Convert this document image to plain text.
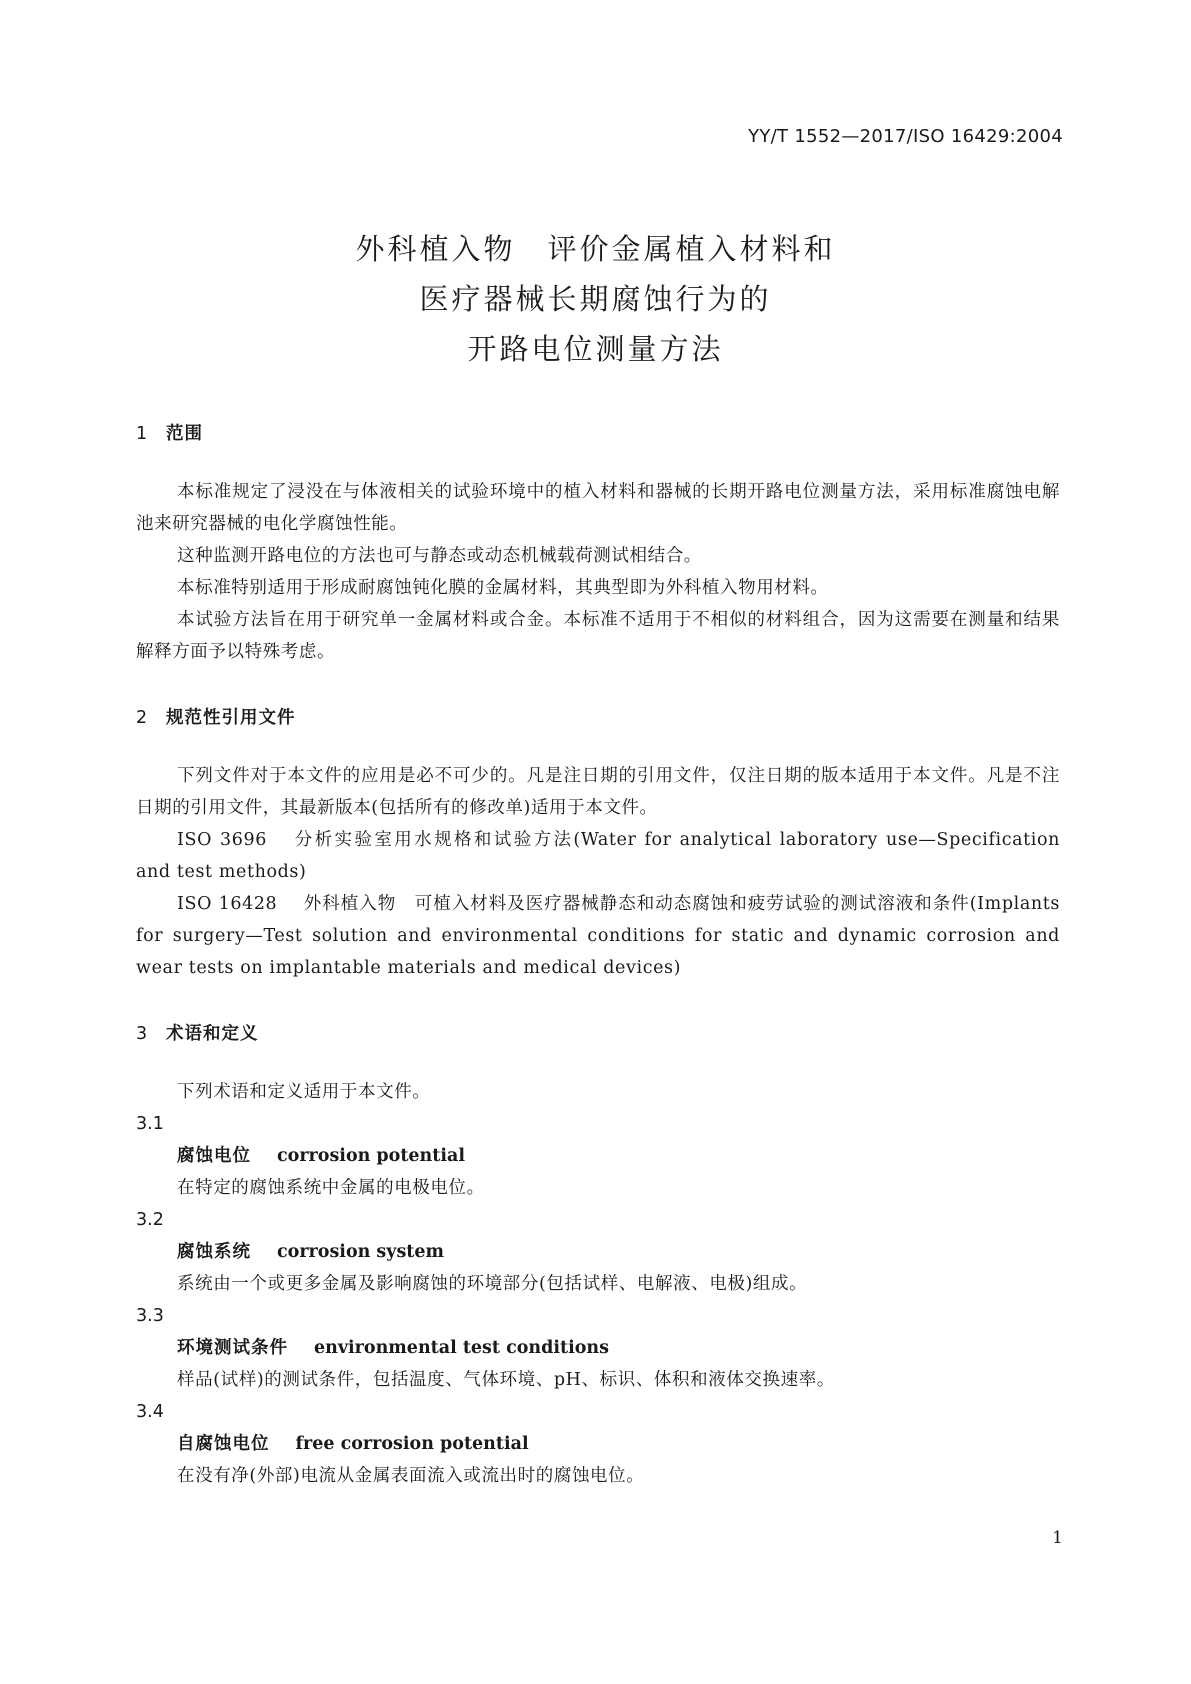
YY/T 1552—2017/ISO 16429:2004
外科植入物　评价金属植入材料和
医疗器械长期腐蚀行为的
开路电位测量方法
1 范围

本标准规定了浸没在与体液相关的试验环境中的植入材料和器械的长期开路电位测量方法，采用标准腐蚀电解池来研究器械的电化学腐蚀性能。

这种监测开路电位的方法也可与静态或动态机械载荷测试相结合。

本标准特别适用于形成耐腐蚀钝化膜的金属材料，其典型即为外科植入物用材料。

本试验方法旨在用于研究单一金属材料或合金。本标准不适用于不相似的材料组合，因为这需要在测量和结果解释方面予以特殊考虑。

2 规范性引用文件

下列文件对于本文件的应用是必不可少的。凡是注日期的引用文件，仅注日期的版本适用于本文件。凡是不注日期的引用文件，其最新版本(包括所有的修改单)适用于本文件。

ISO 3696 分析实验室用水规格和试验方法(Water for analytical laboratory use—Specification and test methods)

ISO 16428 外科植入物　可植入材料及医疗器械静态和动态腐蚀和疲劳试验的测试溶液和条件(Implants for surgery—Test solution and environmental conditions for static and dynamic corrosion and wear tests on implantable materials and medical devices)

3 术语和定义

下列术语和定义适用于本文件。

3.1
腐蚀电位 corrosion potential
在特定的腐蚀系统中金属的电极电位。
3.2
腐蚀系统 corrosion system
系统由一个或更多金属及影响腐蚀的环境部分(包括试样、电解液、电极)组成。
3.3
环境测试条件 environmental test conditions
样品(试样)的测试条件，包括温度、气体环境、pH、标识、体积和液体交换速率。
3.4
自腐蚀电位 free corrosion potential
在没有净(外部)电流从金属表面流入或流出时的腐蚀电位。
1
